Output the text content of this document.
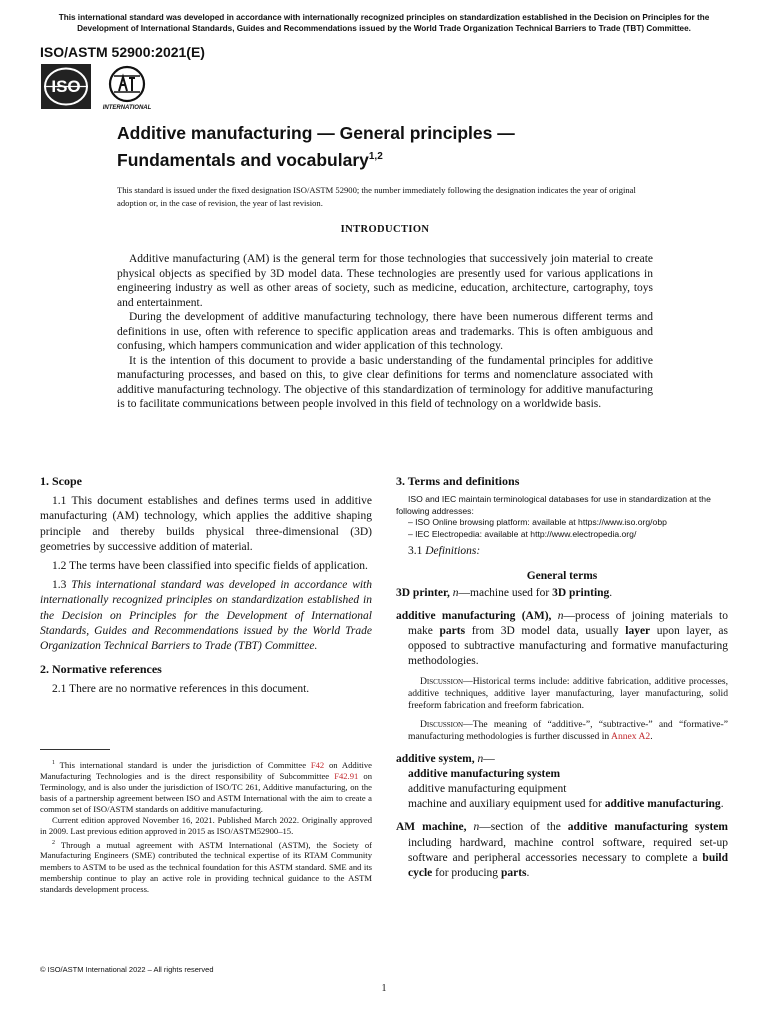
This international standard was developed in accordance with internationally recognized principles on standardization established in the Decision on Principles for the
Development of International Standards, Guides and Recommendations issued by the World Trade Organization Technical Barriers to Trade (TBT) Committee.
ISO/ASTM 52900:2021(E)
ISO
INTERNATIONAL
Additive manufacturing — General principles —
Fundamentals and vocabulary$^{1,2}$
This standard is issued under the fixed designation ISO/ASTM 52900; the number immediately following the designation indicates the year of original adoption or, in the case of revision, the year of last revision.
INTRODUCTION

Additive manufacturing (AM) is the general term for those technologies that successively join material to create physical objects as specified by 3D model data. These technologies are presently used for various applications in engineering industry as well as other areas of society, such as medicine, education, architecture, cartography, toys and entertainment.

During the development of additive manufacturing technology, there have been numerous different terms and definitions in use, often with reference to specific application areas and trademarks. This is often ambiguous and confusing, which hampers communication and wider application of this technology.

It is the intention of this document to provide a basic understanding of the fundamental principles for additive manufacturing processes, and based on this, to give clear definitions for terms and nomenclature associated with additive manufacturing technology. The objective of this standardization of terminology for additive manufacturing is to facilitate communications between people involved in this field of technology on a worldwide basis.

1. Scope

1.1 This document establishes and defines terms used in additive manufacturing (AM) technology, which applies the additive shaping principle and thereby builds physical three-dimensional (3D) geometries by successive addition of material.

1.2 The terms have been classified into specific fields of application.

1.3 This international standard was developed in accordance with internationally recognized principles on standardization established in the Decision on Principles for the Development of International Standards, Guides and Recommendations issued by the World Trade Organization Technical Barriers to Trade (TBT) Committee.

2. Normative references

2.1 There are no normative references in this document.

$^1$ This international standard is under the jurisdiction of Committee F42 on Additive Manufacturing Technologies and is the direct responsibility of Subcommittee F42.91 on Terminology, and is also under the jurisdiction of ISO/TC 261, Additive manufacturing, on the basis of a partnership agreement between ISO and ASTM International with the aim to create a common set of ISO/ASTM standards on additive manufacturing.

Current edition approved November 16, 2021. Published March 2022. Originally approved in 2009. Last previous edition approved in 2015 as ISO/ASTM52900–15.

$^2$ Through a mutual agreement with ASTM International (ASTM), the Society of Manufacturing Engineers (SME) contributed the technical expertise of its RTAM Community members to ASTM to be used as the technical foundation for this ASTM standard. SME and its membership continue to play an active role in providing technical guidance to the ASTM standards development process.

3. Terms and definitions

ISO and IEC maintain terminological databases for use in standardization at the following addresses:

– ISO Online browsing platform: available at https://www.iso.org/obp

– IEC Electropedia: available at http://www.electropedia.org/

3.1 Definitions:

General terms

3D printer, n—machine used for 3D printing.

additive manufacturing (AM), n—process of joining materials to make parts from 3D model data, usually layer upon layer, as opposed to subtractive manufacturing and formative manufacturing methodologies.

Discussion—Historical terms include: additive fabrication, additive processes, additive techniques, additive layer manufacturing, layer manufacturing, solid freeform fabrication and freeform fabrication.

Discussion—The meaning of “additive-”, “subtractive-” and “formative-” manufacturing methodologies is further discussed in Annex A2.

additive system, n—
additive manufacturing system
additive manufacturing equipment
machine and auxiliary equipment used for additive manufacturing.

AM machine, n—section of the additive manufacturing system including hardward, machine control software, required set-up software and peripheral accessories necessary to complete a build cycle for producing parts.

© ISO/ASTM International 2022 – All rights reserved
1
